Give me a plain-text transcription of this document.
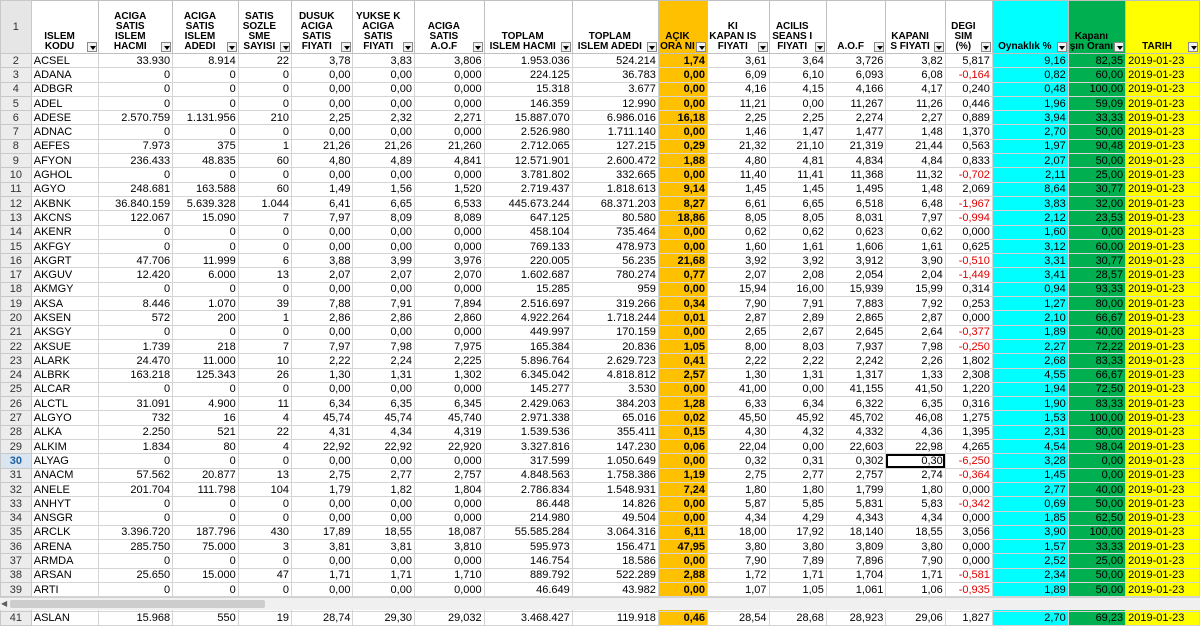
1	ISLEM KODU	ACIGA SATIS ISLEM HACMI	ACIGA SATIS ISLEM ADEDI	SATIS SOZLE SME SAYISI	DUSUK ACIGA SATIS FIYATI	YUKSE K ACIGA SATIS FIYATI	ACIGA SATIS A.O.F	TOPLAM ISLEM HACMI	TOPLAM ISLEM ADEDI	AÇIK ORA NI	KI KAPAN IS FIYATI	ACILIS SEANS I FIYATI	A.O.F	KAPANI S FIYATI	DEGI SIM (%)	Oynaklık %	Kapanı şın Oranı	TARIH

2	ACSEL	33.930	8.914	22	3,78	3,83	3,806	1.953.036	524.214	1,74	3,61	3,64	3,726	3,82	5,817	9,16	82,35	2019-01-23
3	ADANA	0	0	0	0,00	0,00	0,000	224.125	36.783	0,00	6,09	6,10	6,093	6,08	-0,164	0,82	60,00	2019-01-23
4	ADBGR	0	0	0	0,00	0,00	0,000	15.318	3.677	0,00	4,16	4,15	4,166	4,17	0,240	0,48	100,00	2019-01-23
5	ADEL	0	0	0	0,00	0,00	0,000	146.359	12.990	0,00	11,21	0,00	11,267	11,26	0,446	1,96	59,09	2019-01-23
6	ADESE	2.570.759	1.131.956	210	2,25	2,32	2,271	15.887.070	6.986.016	16,18	2,25	2,25	2,274	2,27	0,889	3,94	33,33	2019-01-23
7	ADNAC	0	0	0	0,00	0,00	0,000	2.526.980	1.711.140	0,00	1,46	1,47	1,477	1,48	1,370	2,70	50,00	2019-01-23
8	AEFES	7.973	375	1	21,26	21,26	21,260	2.712.065	127.215	0,29	21,32	21,10	21,319	21,44	0,563	1,97	90,48	2019-01-23
9	AFYON	236.433	48.835	60	4,80	4,89	4,841	12.571.901	2.600.472	1,88	4,80	4,81	4,834	4,84	0,833	2,07	50,00	2019-01-23
10	AGHOL	0	0	0	0,00	0,00	0,000	3.781.802	332.665	0,00	11,40	11,41	11,368	11,32	-0,702	2,11	25,00	2019-01-23
11	AGYO	248.681	163.588	60	1,49	1,56	1,520	2.719.437	1.818.613	9,14	1,45	1,45	1,495	1,48	2,069	8,64	30,77	2019-01-23
12	AKBNK	36.840.159	5.639.328	1.044	6,41	6,65	6,533	445.673.244	68.371.203	8,27	6,61	6,65	6,518	6,48	-1,967	3,83	32,00	2019-01-23
13	AKCNS	122.067	15.090	7	7,97	8,09	8,089	647.125	80.580	18,86	8,05	8,05	8,031	7,97	-0,994	2,12	23,53	2019-01-23
14	AKENR	0	0	0	0,00	0,00	0,000	458.104	735.464	0,00	0,62	0,62	0,623	0,62	0,000	1,60	0,00	2019-01-23
15	AKFGY	0	0	0	0,00	0,00	0,000	769.133	478.973	0,00	1,60	1,61	1,606	1,61	0,625	3,12	60,00	2019-01-23
16	AKGRT	47.706	11.999	6	3,88	3,99	3,976	220.005	56.235	21,68	3,92	3,92	3,912	3,90	-0,510	3,31	30,77	2019-01-23
17	AKGUV	12.420	6.000	13	2,07	2,07	2,070	1.602.687	780.274	0,77	2,07	2,08	2,054	2,04	-1,449	3,41	28,57	2019-01-23
18	AKMGY	0	0	0	0,00	0,00	0,000	15.285	959	0,00	15,94	16,00	15,939	15,99	0,314	0,94	93,33	2019-01-23
19	AKSA	8.446	1.070	39	7,88	7,91	7,894	2.516.697	319.266	0,34	7,90	7,91	7,883	7,92	0,253	1,27	80,00	2019-01-23
20	AKSEN	572	200	1	2,86	2,86	2,860	4.922.264	1.718.244	0,01	2,87	2,89	2,865	2,87	0,000	2,10	66,67	2019-01-23
21	AKSGY	0	0	0	0,00	0,00	0,000	449.997	170.159	0,00	2,65	2,67	2,645	2,64	-0,377	1,89	40,00	2019-01-23
22	AKSUE	1.739	218	7	7,97	7,98	7,975	165.384	20.836	1,05	8,00	8,03	7,937	7,98	-0,250	2,27	72,22	2019-01-23
23	ALARK	24.470	11.000	10	2,22	2,24	2,225	5.896.764	2.629.723	0,41	2,22	2,22	2,242	2,26	1,802	2,68	83,33	2019-01-23
24	ALBRK	163.218	125.343	26	1,30	1,31	1,302	6.345.042	4.818.812	2,57	1,30	1,31	1,317	1,33	2,308	4,55	66,67	2019-01-23
25	ALCAR	0	0	0	0,00	0,00	0,000	145.277	3.530	0,00	41,00	0,00	41,155	41,50	1,220	1,94	72,50	2019-01-23
26	ALCTL	31.091	4.900	11	6,34	6,35	6,345	2.429.063	384.203	1,28	6,33	6,34	6,322	6,35	0,316	1,90	83,33	2019-01-23
27	ALGYO	732	16	4	45,74	45,74	45,740	2.971.338	65.016	0,02	45,50	45,92	45,702	46,08	1,275	1,53	100,00	2019-01-23
28	ALKA	2.250	521	22	4,31	4,34	4,319	1.539.536	355.411	0,15	4,30	4,32	4,332	4,36	1,395	2,31	80,00	2019-01-23
29	ALKIM	1.834	80	4	22,92	22,92	22,920	3.327.816	147.230	0,06	22,04	0,00	22,603	22,98	4,265	4,54	98,04	2019-01-23
30	ALYAG	0	0	0	0,00	0,00	0,000	317.599	1.050.649	0,00	0,32	0,31	0,302	0,30	-6,250	3,28	0,00	2019-01-23
31	ANACM	57.562	20.877	13	2,75	2,77	2,757	4.848.563	1.758.386	1,19	2,75	2,77	2,757	2,74	-0,364	1,45	0,00	2019-01-23
32	ANELE	201.704	111.798	104	1,79	1,82	1,804	2.786.834	1.548.931	7,24	1,80	1,80	1,799	1,80	0,000	2,77	40,00	2019-01-23
33	ANHYT	0	0	0	0,00	0,00	0,000	86.448	14.826	0,00	5,87	5,85	5,831	5,83	-0,342	0,69	50,00	2019-01-23
34	ANSGR	0	0	0	0,00	0,00	0,000	214.980	49.504	0,00	4,34	4,29	4,343	4,34	0,000	1,85	62,50	2019-01-23
35	ARCLK	3.396.720	187.796	430	17,89	18,55	18,087	55.585.284	3.064.316	6,11	18,00	17,92	18,140	18,55	3,056	3,90	100,00	2019-01-23
36	ARENA	285.750	75.000	3	3,81	3,81	3,810	595.973	156.471	47,95	3,80	3,80	3,809	3,80	0,000	1,57	33,33	2019-01-23
37	ARMDA	0	0	0	0,00	0,00	0,000	146.754	18.586	0,00	7,90	7,89	7,896	7,90	0,000	2,52	25,00	2019-01-23
38	ARSAN	25.650	15.000	47	1,71	1,71	1,710	889.792	522.289	2,88	1,72	1,71	1,704	1,71	-0,581	2,34	50,00	2019-01-23
39	ARTI	0	0	0	0,00	0,00	0,000	46.649	43.982	0,00	1,07	1,05	1,061	1,06	-0,935	1,89	50,00	2019-01-23

41	ASLAN	15.968	550	19	28,74	29,30	29,032	3.468.427	119.918	0,46	28,54	28,68	28,923	29,06	1,827	2,70	69,23	2019-01-23
◀
